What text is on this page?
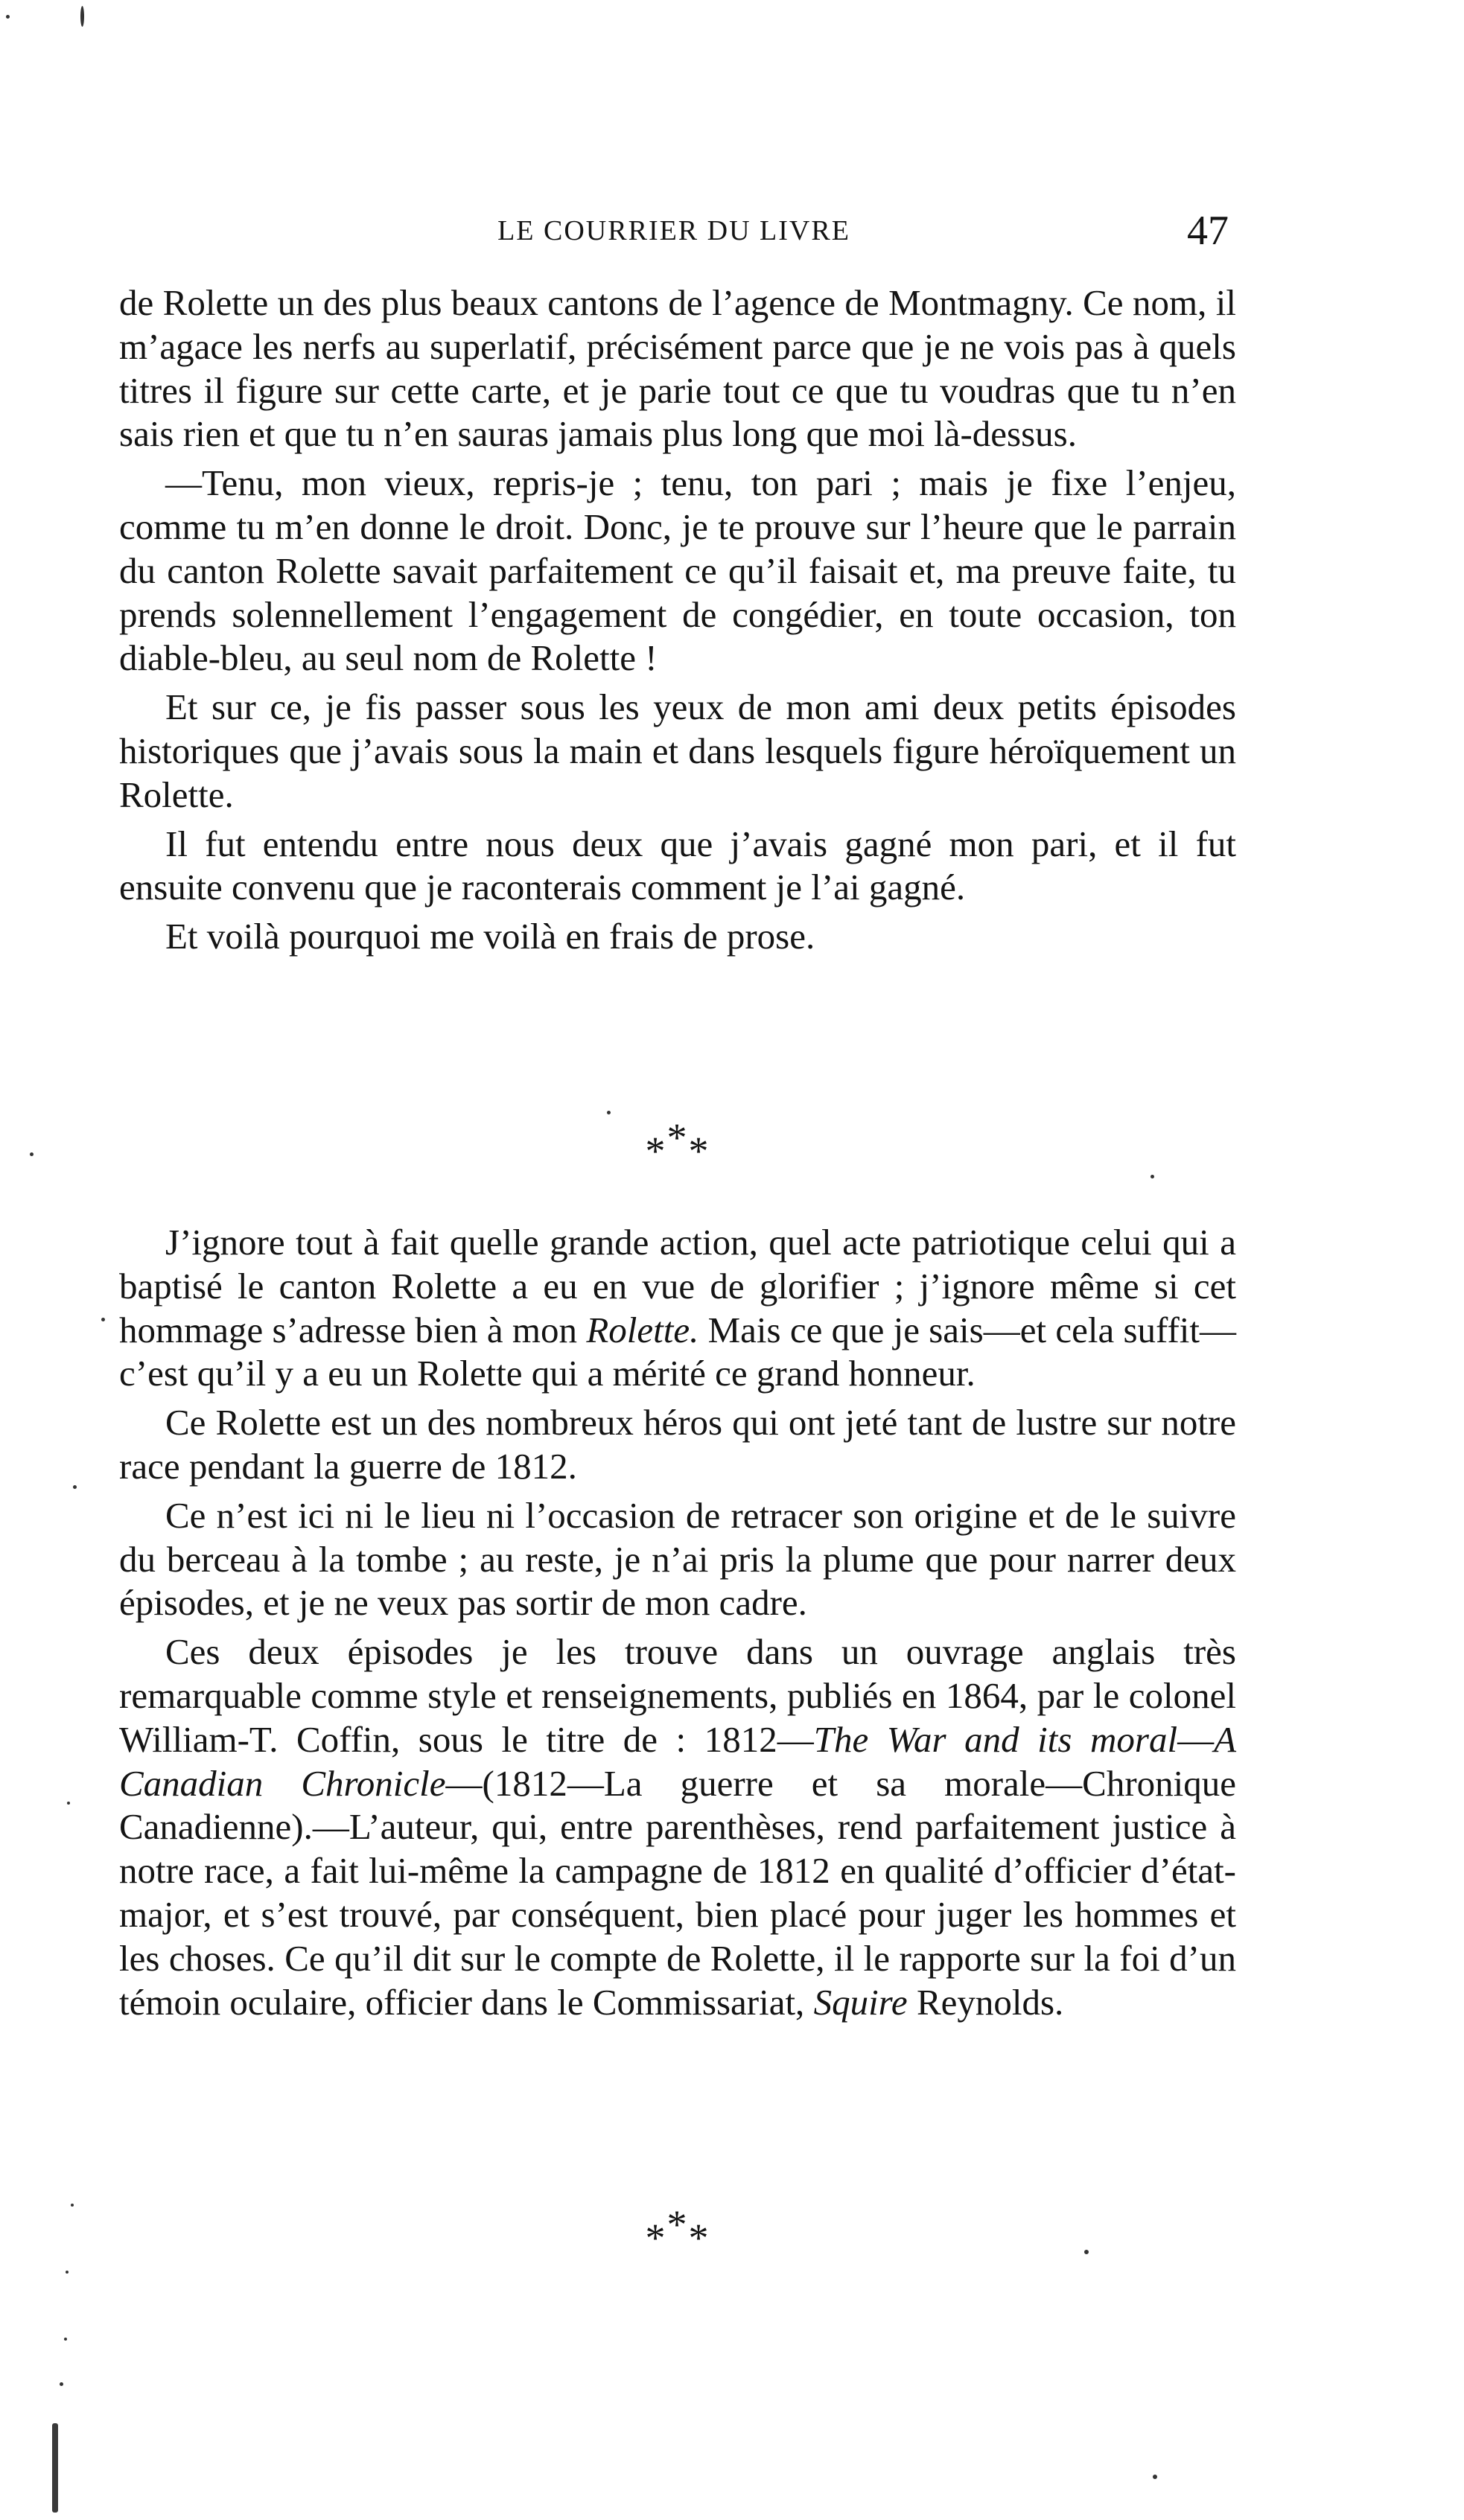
LE COURRIER DU LIVRE	47

de Rolette un des plus beaux cantons de l’agence de Montmagny. Ce nom, il m’agace les nerfs au superlatif, précisément parce que je ne vois pas à quels titres il figure sur cette carte, et je parie tout ce que tu voudras que tu n’en sais rien et que tu n’en sauras jamais plus long que moi là-dessus.

—Tenu, mon vieux, repris-je ; tenu, ton pari ; mais je fixe l’enjeu, comme tu m’en donne le droit. Donc, je te prouve sur l’heure que le parrain du canton Rolette savait parfaitement ce qu’il faisait et, ma preuve faite, tu prends solennellement l’engagement de congédier, en toute occasion, ton diable-bleu, au seul nom de Rolette !

Et sur ce, je fis passer sous les yeux de mon ami deux petits épisodes historiques que j’avais sous la main et dans lesquels figure héroïquement un Rolette.

Il fut entendu entre nous deux que j’avais gagné mon pari, et il fut ensuite convenu que je raconterais comment je l’ai gagné.

Et voilà pourquoi me voilà en frais de prose.

***

J’ignore tout à fait quelle grande action, quel acte patriotique celui qui a baptisé le canton Rolette a eu en vue de glorifier ; j’ignore même si cet hommage s’adresse bien à mon Rolette. Mais ce que je sais—et cela suffit—c’est qu’il y a eu un Rolette qui a mérité ce grand honneur.

Ce Rolette est un des nombreux héros qui ont jeté tant de lustre sur notre race pendant la guerre de 1812.

Ce n’est ici ni le lieu ni l’occasion de retracer son origine et de le suivre du berceau à la tombe ; au reste, je n’ai pris la plume que pour narrer deux épisodes, et je ne veux pas sortir de mon cadre.

Ces deux épisodes je les trouve dans un ouvrage anglais très remarquable comme style et renseignements, publiés en 1864, par le colonel William-T. Coffin, sous le titre de : 1812—The War and its moral—A Canadian Chronicle—(1812—La guerre et sa morale—Chronique Canadienne).—L’auteur, qui, entre parenthèses, rend parfaitement justice à notre race, a fait lui-même la campagne de 1812 en qualité d’officier d’état-major, et s’est trouvé, par conséquent, bien placé pour juger les hommes et les choses. Ce qu’il dit sur le compte de Rolette, il le rapporte sur la foi d’un témoin oculaire, officier dans le Commissariat, Squire Reynolds.

***
